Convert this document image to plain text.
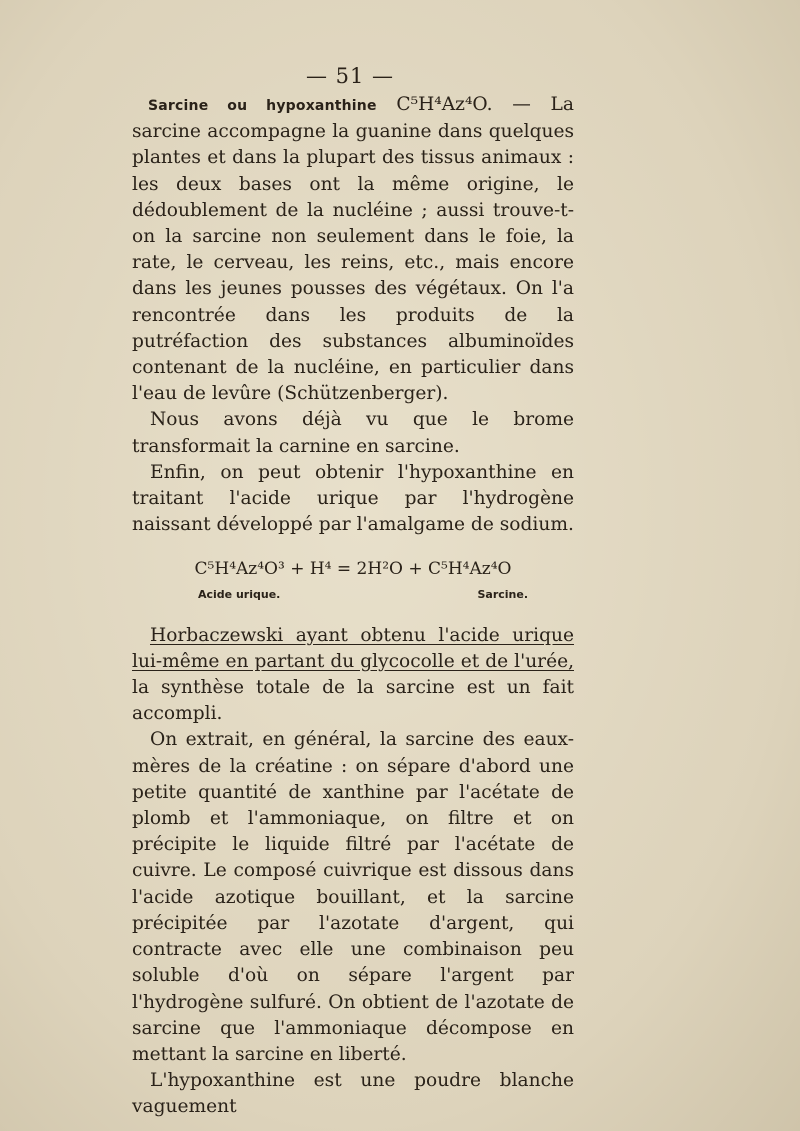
— 51 —

Sarcine ou hypoxanthine C⁵H⁴Az⁴O. — La sarcine accompagne la guanine dans quelques plantes et dans la plupart des tissus animaux : les deux bases ont la même origine, le dédoublement de la nucléine ; aussi trouve-t-on la sarcine non seulement dans le foie, la rate, le cerveau, les reins, etc., mais encore dans les jeunes pousses des végétaux. On l'a rencontrée dans les produits de la putréfaction des substances albuminoïdes contenant de la nucléine, en particulier dans l'eau de levûre (Schützenberger).

Nous avons déjà vu que le brome transformait la carnine en sarcine.

Enfin, on peut obtenir l'hypoxanthine en traitant l'acide urique par l'hydrogène naissant développé par l'amalgame de sodium.

C⁵H⁴Az⁴O³ + H⁴ = 2H²O + C⁵H⁴Az⁴O
Acide urique.	Sarcine.

Horbaczewski ayant obtenu l'acide urique lui-même en partant du glycocolle et de l'urée, la synthèse totale de la sarcine est un fait accompli.

On extrait, en général, la sarcine des eaux-mères de la créatine : on sépare d'abord une petite quantité de xanthine par l'acétate de plomb et l'ammoniaque, on filtre et on précipite le liquide filtré par l'acétate de cuivre. Le composé cuivrique est dissous dans l'acide azotique bouillant, et la sarcine précipitée par l'azotate d'argent, qui contracte avec elle une combinaison peu soluble d'où on sépare l'argent par l'hydrogène sulfuré. On obtient de l'azotate de sarcine que l'ammoniaque décompose en mettant la sarcine en liberté.

L'hypoxanthine est une poudre blanche vaguement
